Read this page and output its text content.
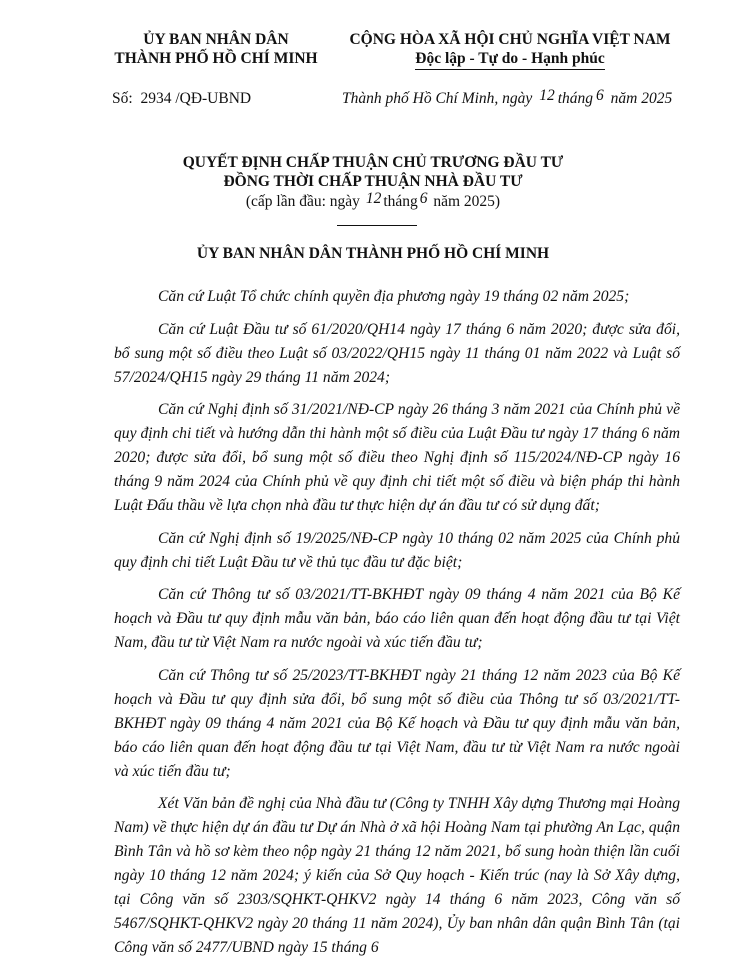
ỦY BAN NHÂN DÂN
THÀNH PHỐ HỒ CHÍ MINH
CỘNG HÒA XÃ HỘI CHỦ NGHĨA VIỆT NAM
Độc lập - Tự do - Hạnh phúc
Số: 2934 /QĐ-UBND	Thành phố Hồ Chí Minh, ngày 12 tháng 6 năm 2025
QUYẾT ĐỊNH CHẤP THUẬN CHỦ TRƯƠNG ĐẦU TƯ
ĐỒNG THỜI CHẤP THUẬN NHÀ ĐẦU TƯ
(cấp lần đầu: ngày 12 tháng 6 năm 2025)
ỦY BAN NHÂN DÂN THÀNH PHỐ HỒ CHÍ MINH

Căn cứ Luật Tổ chức chính quyền địa phương ngày 19 tháng 02 năm 2025;

Căn cứ Luật Đầu tư số 61/2020/QH14 ngày 17 tháng 6 năm 2020; được sửa đổi, bổ sung một số điều theo Luật số 03/2022/QH15 ngày 11 tháng 01 năm 2022 và Luật số 57/2024/QH15 ngày 29 tháng 11 năm 2024;

Căn cứ Nghị định số 31/2021/NĐ-CP ngày 26 tháng 3 năm 2021 của Chính phủ về quy định chi tiết và hướng dẫn thi hành một số điều của Luật Đầu tư ngày 17 tháng 6 năm 2020; được sửa đổi, bổ sung một số điều theo Nghị định số 115/2024/NĐ-CP ngày 16 tháng 9 năm 2024 của Chính phủ về quy định chi tiết một số điều và biện pháp thi hành Luật Đấu thầu về lựa chọn nhà đầu tư thực hiện dự án đầu tư có sử dụng đất;

Căn cứ Nghị định số 19/2025/NĐ-CP ngày 10 tháng 02 năm 2025 của Chính phủ quy định chi tiết Luật Đầu tư về thủ tục đầu tư đặc biệt;

Căn cứ Thông tư số 03/2021/TT-BKHĐT ngày 09 tháng 4 năm 2021 của Bộ Kế hoạch và Đầu tư quy định mẫu văn bản, báo cáo liên quan đến hoạt động đầu tư tại Việt Nam, đầu tư từ Việt Nam ra nước ngoài và xúc tiến đầu tư;

Căn cứ Thông tư số 25/2023/TT-BKHĐT ngày 21 tháng 12 năm 2023 của Bộ Kế hoạch và Đầu tư quy định sửa đổi, bổ sung một số điều của Thông tư số 03/2021/TT-BKHĐT ngày 09 tháng 4 năm 2021 của Bộ Kế hoạch và Đầu tư quy định mẫu văn bản, báo cáo liên quan đến hoạt động đầu tư tại Việt Nam, đầu tư từ Việt Nam ra nước ngoài và xúc tiến đầu tư;

Xét Văn bản đề nghị của Nhà đầu tư (Công ty TNHH Xây dựng Thương mại Hoàng Nam) về thực hiện dự án đầu tư Dự án Nhà ở xã hội Hoàng Nam tại phường An Lạc, quận Bình Tân và hồ sơ kèm theo nộp ngày 21 tháng 12 năm 2021, bổ sung hoàn thiện lần cuối ngày 10 tháng 12 năm 2024; ý kiến của Sở Quy hoạch - Kiến trúc (nay là Sở Xây dựng, tại Công văn số 2303/SQHKT-QHKV2 ngày 14 tháng 6 năm 2023, Công văn số 5467/SQHKT-QHKV2 ngày 20 tháng 11 năm 2024), Ủy ban nhân dân quận Bình Tân (tại Công văn số 2477/UBND ngày 15 tháng 6
